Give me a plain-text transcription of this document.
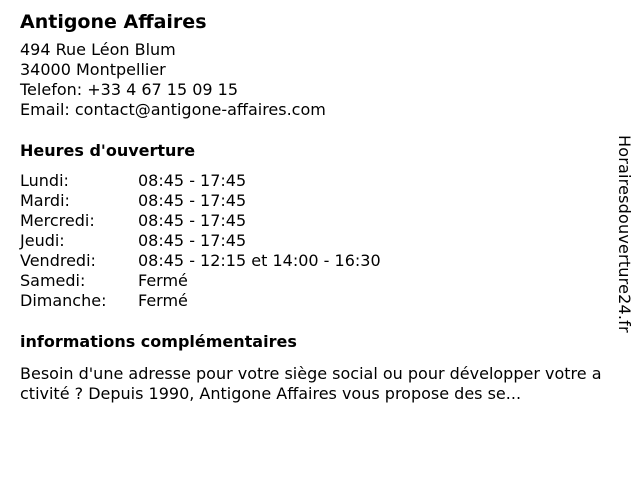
Antigone Affaires
494 Rue Léon Blum
34000 Montpellier
Telefon: +33 4 67 15 09 15
Email: contact@antigone-affaires.com
Heures d'ouverture
Lundi:	08:45 - 17:45
Mardi:	08:45 - 17:45
Mercredi:	08:45 - 17:45
Jeudi:	08:45 - 17:45
Vendredi:	08:45 - 12:15 et 14:00 - 16:30
Samedi:	Fermé
Dimanche:	Fermé
informations complémentaires
Besoin d'une adresse pour votre siège social ou pour développer votre activité ? Depuis 1990, Antigone Affaires vous propose des se...
Horairesdouverture24.fr
